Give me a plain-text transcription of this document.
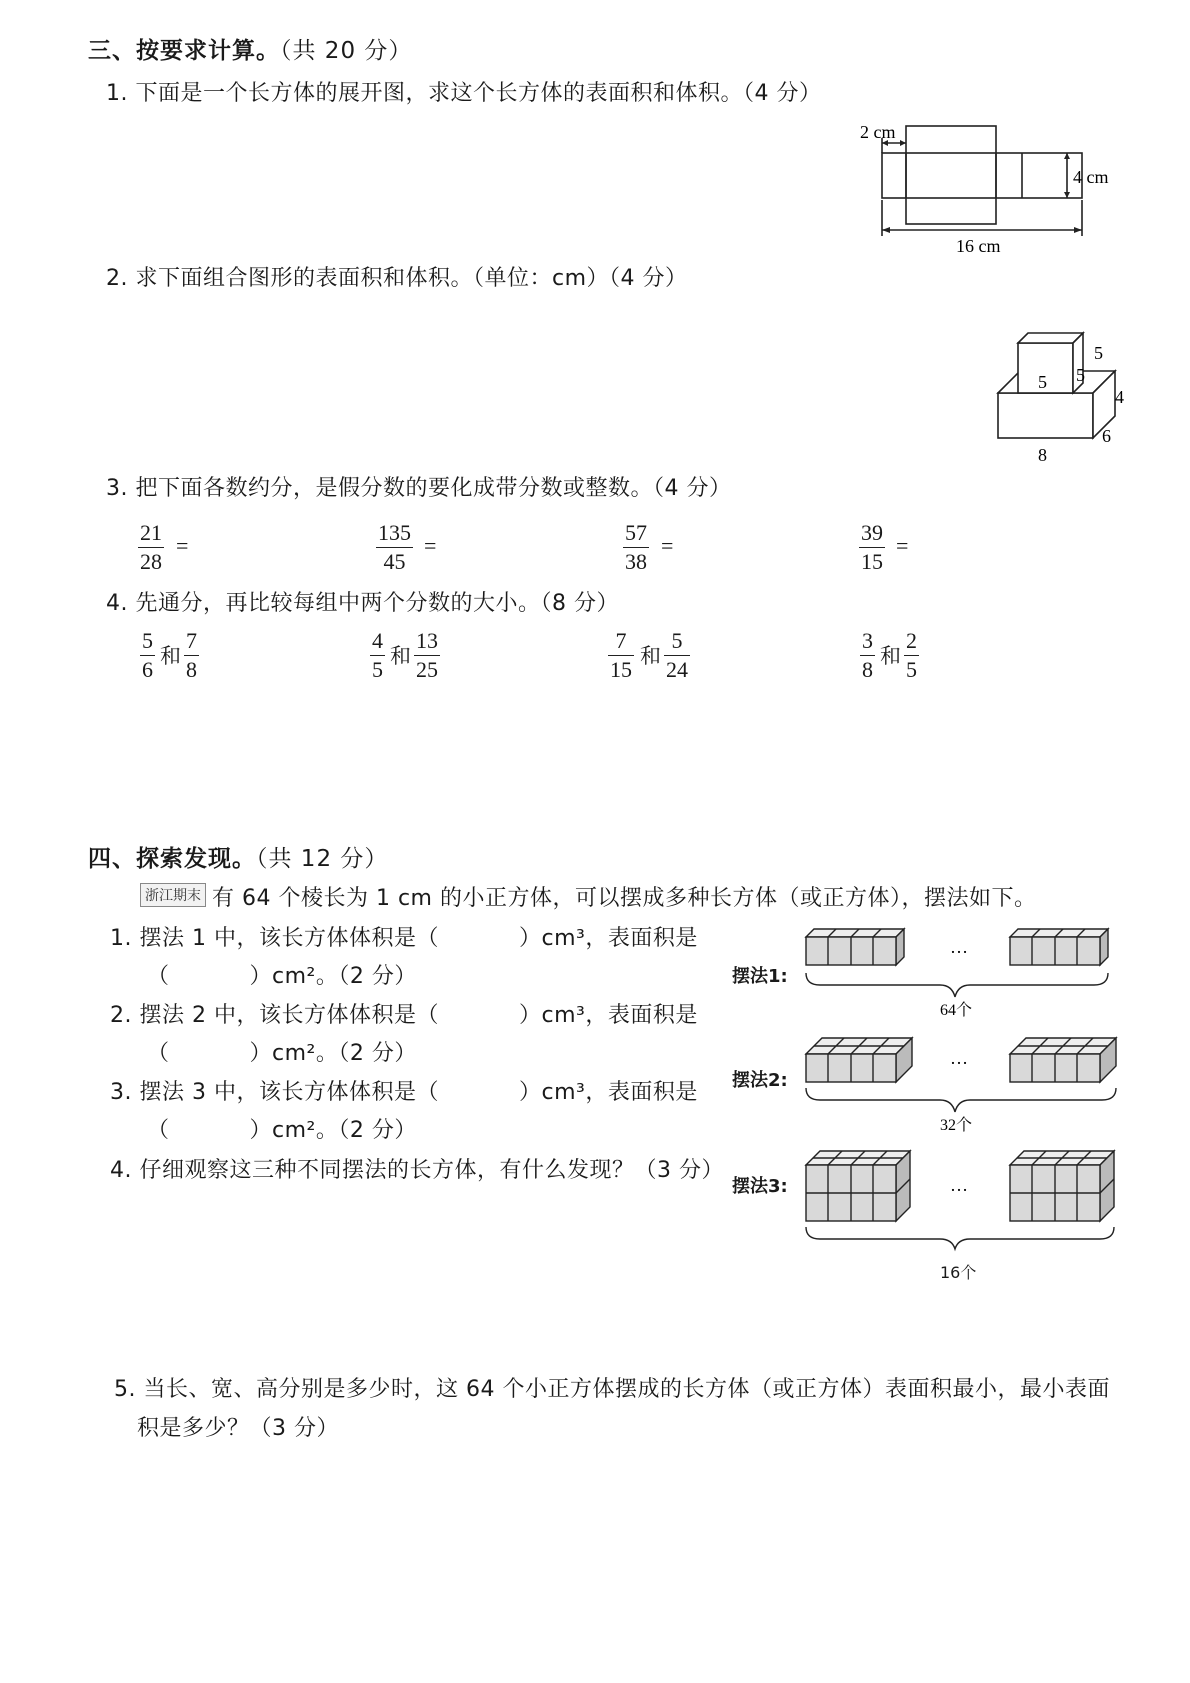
三、按要求计算。（共 20 分）
1. 下面是一个长方体的展开图，求这个长方体的表面积和体积。（4 分）
2 cm
4 cm
16 cm
2. 求下面组合图形的表面积和体积。（单位：cm）（4 分）
5
5
5
4
6
8
3. 把下面各数约分，是假分数的要化成带分数或整数。（4 分）
$\frac{21}{28}$ =	$\frac{135}{45}$ =	$\frac{57}{38}$ =	$\frac{39}{15}$ =
4. 先通分，再比较每组中两个分数的大小。（8 分）
$\frac{5}{6}$ 和 $\frac{7}{8}$	$\frac{4}{5}$ 和 $\frac{13}{25}$	$\frac{7}{15}$ 和 $\frac{5}{24}$	$\frac{3}{8}$ 和 $\frac{2}{5}$
四、探索发现。（共 12 分）
浙江期末 有 64 个棱长为 1 cm 的小正方体，可以摆成多种长方体（或正方体），摆法如下。
1. 摆法 1 中，该长方体体积是（	）cm³，表面积是
（	）cm²。（2 分）
2. 摆法 2 中，该长方体体积是（	）cm³，表面积是
（	）cm²。（2 分）
3. 摆法 3 中，该长方体体积是（	）cm³，表面积是
（	）cm²。（2 分）
4. 仔细观察这三种不同摆法的长方体，有什么发现？（3 分）
5. 当长、宽、高分别是多少时，这 64 个小正方体摆成的长方体（或正方体）表面积最小，最小表面
积是多少？（3 分）
摆法1:
…
64个
摆法2:
…
32个
摆法3:	…
16个
